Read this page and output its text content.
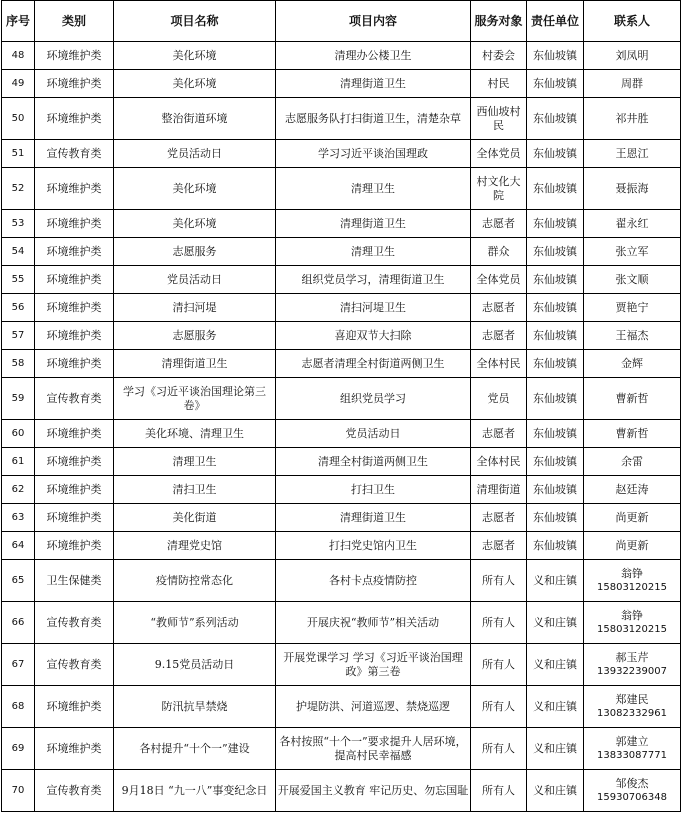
序号	类别	项目名称	项目内容	服务对象	责任单位	联系人
48	环境维护类	美化环境	清理办公楼卫生	村委会	东仙坡镇	刘凤明

49	环境维护类	美化环境	清理街道卫生	村民	东仙坡镇	周群

50	环境维护类	整治街道环境	志愿服务队打扫街道卫生，清楚杂草	西仙坡村民	东仙坡镇	祁井胜

51	宣传教育类	党员活动日	学习习近平谈治国理政	全体党员	东仙坡镇	王恩江

52	环境维护类	美化环境	清理卫生	村文化大院	东仙坡镇	聂振海

53	环境维护类	美化环境	清理街道卫生	志愿者	东仙坡镇	翟永红

54	环境维护类	志愿服务	清理卫生	群众	东仙坡镇	张立军

55	环境维护类	党员活动日	组织党员学习，清理街道卫生	全体党员	东仙坡镇	张文顺

56	环境维护类	清扫河堤	清扫河堤卫生	志愿者	东仙坡镇	贾艳宁

57	环境维护类	志愿服务	喜迎双节大扫除	志愿者	东仙坡镇	王福杰

58	环境维护类	清理街道卫生	志愿者清理全村街道两侧卫生	全体村民	东仙坡镇	金辉

59	宣传教育类	学习《习近平谈治国理论第三卷》	组织党员学习	党员	东仙坡镇	曹新哲

60	环境维护类	美化环境、清理卫生	党员活动日	志愿者	东仙坡镇	曹新哲

61	环境维护类	清理卫生	清理全村街道两侧卫生	全体村民	东仙坡镇	余雷

62	环境维护类	清扫卫生	打扫卫生	清理街道	东仙坡镇	赵廷涛

63	环境维护类	美化街道	清理街道卫生	志愿者	东仙坡镇	尚更新

64	环境维护类	清理党史馆	打扫党史馆内卫生	志愿者	东仙坡镇	尚更新

65	卫生保健类	疫情防控常态化	各村卡点疫情防控	所有人	义和庄镇	翁铮
15803120215

66	宣传教育类	“教师节”系列活动	开展庆祝“教师节”相关活动	所有人	义和庄镇	翁铮
15803120215

67	宣传教育类	9.15党员活动日	开展党课学习 学习《习近平谈治国理政》第三卷	所有人	义和庄镇	郝玉芹
13932239007

68	环境维护类	防汛抗旱禁烧	护堤防洪、河道巡逻、禁烧巡逻	所有人	义和庄镇	郑建民
13082332961

69	环境维护类	各村提升“十个一”建设	各村按照“十个一”要求提升人居环境，提高村民幸福感	所有人	义和庄镇	郭建立
13833087771

70	宣传教育类	9月18日 “九一八”事变纪念日	开展爱国主义教育 牢记历史、勿忘国耻	所有人	义和庄镇	邹俊杰
15930706348
